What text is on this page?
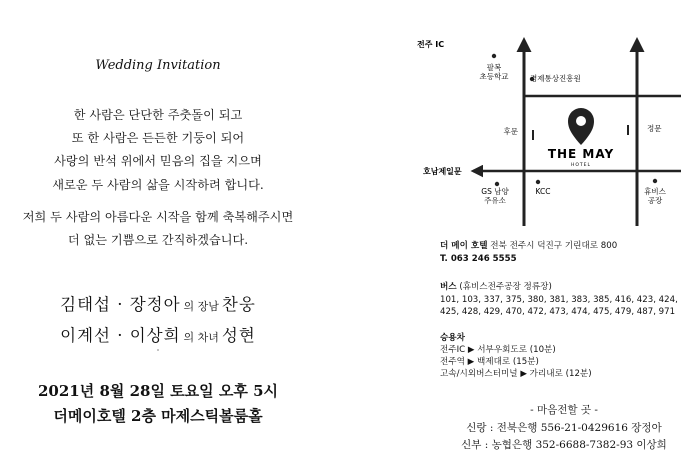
Wedding Invitation
한 사람은 단단한 주춧돌이 되고
또 한 사람은 든든한 기둥이 되어
사랑의 반석 위에서 믿음의 집을 지으며
새로운 두 사람의 삶을 시작하려 합니다.
저희 두 사람의 아름다운 시작을 함께 축복해주시면
더 없는 기쁨으로 간직하겠습니다.
김태섭 · 장정아 의 장남 찬웅
이계선 · 이상희 의 차녀 성현
˙
2021년 8월 28일 토요일 오후 5시
더메이호텔 2층 마제스틱볼룸홀
전주 IC
팔복
초등학교	경제통상진흥원
후문	정문
THE MAY
HOTEL
호남제일문
GS 남양
주유소
KCC	휴비스
공장
더 메이 호텔 전북 전주시 덕진구 기린대로 800
T. 063 246 5555
버스 (휴비스전주공장 정류장)
101, 103, 337, 375, 380, 381, 383, 385, 416, 423, 424,
425, 428, 429, 470, 472, 473, 474, 475, 479, 487, 971
승용차
전주IC ▶ 서부우회도로 (10분)
전주역 ▶ 백제대로 (15분)
고속/시외버스터미널 ▶ 가리내로 (12분)
- 마음전할 곳 -
신랑 : 전북은행 556-21-0429616 장정아
신부 : 농협은행 352-6688-7382-93 이상희
